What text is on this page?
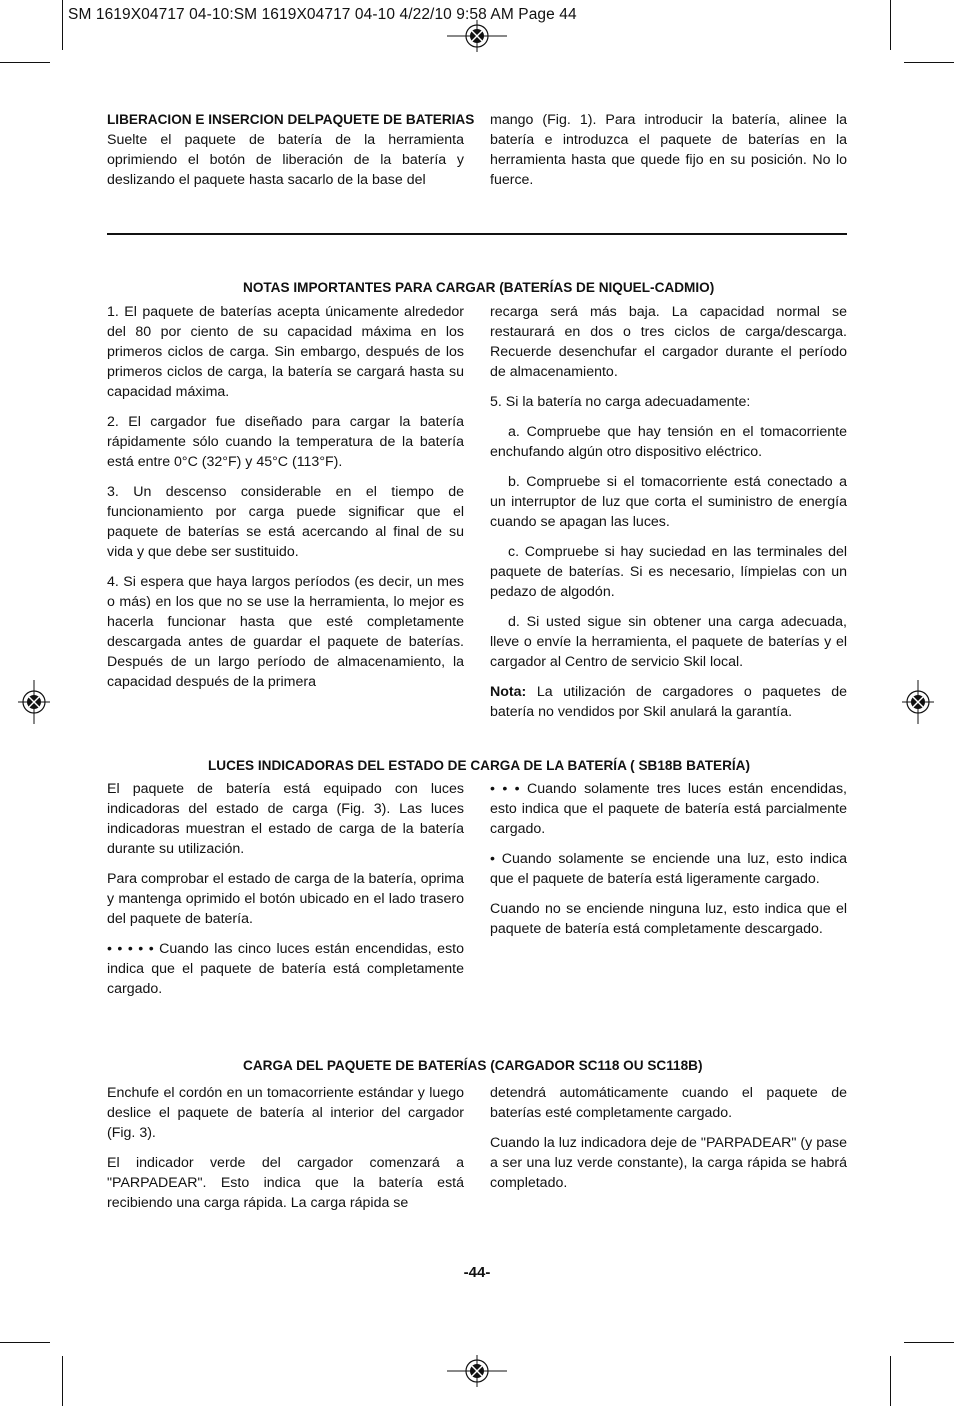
SM 1619X04717 04-10:SM 1619X04717 04-10 4/22/10 9:58 AM Page 44
LIBERACION E INSERCION DELPAQUETE DE BATERIAS

Suelte el paquete de batería de la herramienta oprimiendo el botón de liberación de la batería y deslizando el paquete hasta sacarlo de la base del

mango (Fig. 1). Para introducir la batería, alinee la batería e introduzca el paquete de baterías en la herramienta hasta que quede fijo en su posición. No lo fuerce.

NOTAS IMPORTANTES PARA CARGAR (BATERÍAS DE NIQUEL-CADMIO)

1. El paquete de baterías acepta únicamente alrededor del 80 por ciento de su capacidad máxima en los primeros ciclos de carga. Sin embargo, después de los primeros ciclos de carga, la batería se cargará hasta su capacidad máxima.

2. El cargador fue diseñado para cargar la batería rápidamente sólo cuando la temperatura de la batería está entre 0°C (32°F) y 45°C (113°F).

3. Un descenso considerable en el tiempo de funcionamiento por carga puede significar que el paquete de baterías se está acercando al final de su vida y que debe ser sustituido.

4. Si espera que haya largos períodos (es decir, un mes o más) en los que no se use la herramienta, lo mejor es hacerla funcionar hasta que esté completamente descargada antes de guardar el paquete de baterías. Después de un largo período de almacenamiento, la capacidad después de la primera

recarga será más baja. La capacidad normal se restaurará en dos o tres ciclos de carga/descarga. Recuerde desenchufar el cargador durante el período de almacenamiento.

5. Si la batería no carga adecuadamente:

a. Compruebe que hay tensión en el tomacorriente enchufando algún otro dispositivo eléctrico.

b. Compruebe si el tomacorriente está conectado a un interruptor de luz que corta el suministro de energía cuando se apagan las luces.

c. Compruebe si hay suciedad en las terminales del paquete de baterías. Si es necesario, límpielas con un pedazo de algodón.

d. Si usted sigue sin obtener una carga adecuada, lleve o envíe la herramienta, el paquete de baterías y el cargador al Centro de servicio Skil local.

Nota: La utilización de cargadores o paquetes de batería no vendidos por Skil anulará la garantía.

LUCES INDICADORAS DEL ESTADO DE CARGA DE LA BATERÍA ( SB18B BATERÍA)

El paquete de batería está equipado con luces indicadoras del estado de carga (Fig. 3). Las luces indicadoras muestran el estado de carga de la batería durante su utilización.

Para comprobar el estado de carga de la batería, oprima y mantenga oprimido el botón ubicado en el lado trasero del paquete de batería.

• • • • • Cuando las cinco luces están encendidas, esto indica que el paquete de batería está completamente cargado.

• • • Cuando solamente tres luces están encendidas, esto indica que el paquete de batería está parcialmente cargado.

• Cuando solamente se enciende una luz, esto indica que el paquete de batería está ligeramente cargado.

Cuando no se enciende ninguna luz, esto indica que el paquete de batería está completamente descargado.

CARGA DEL PAQUETE DE BATERÍAS (CARGADOR SC118 OU SC118B)

Enchufe el cordón en un tomacorriente estándar y luego deslice el paquete de batería al interior del cargador (Fig. 3).

El indicador verde del cargador comenzará a "PARPADEAR". Esto indica que la batería está recibiendo una carga rápida. La carga rápida se

detendrá automáticamente cuando el paquete de baterías esté completamente cargado.

Cuando la luz indicadora deje de "PARPADEAR" (y pase a ser una luz verde constante), la carga rápida se habrá completado.

-44-
